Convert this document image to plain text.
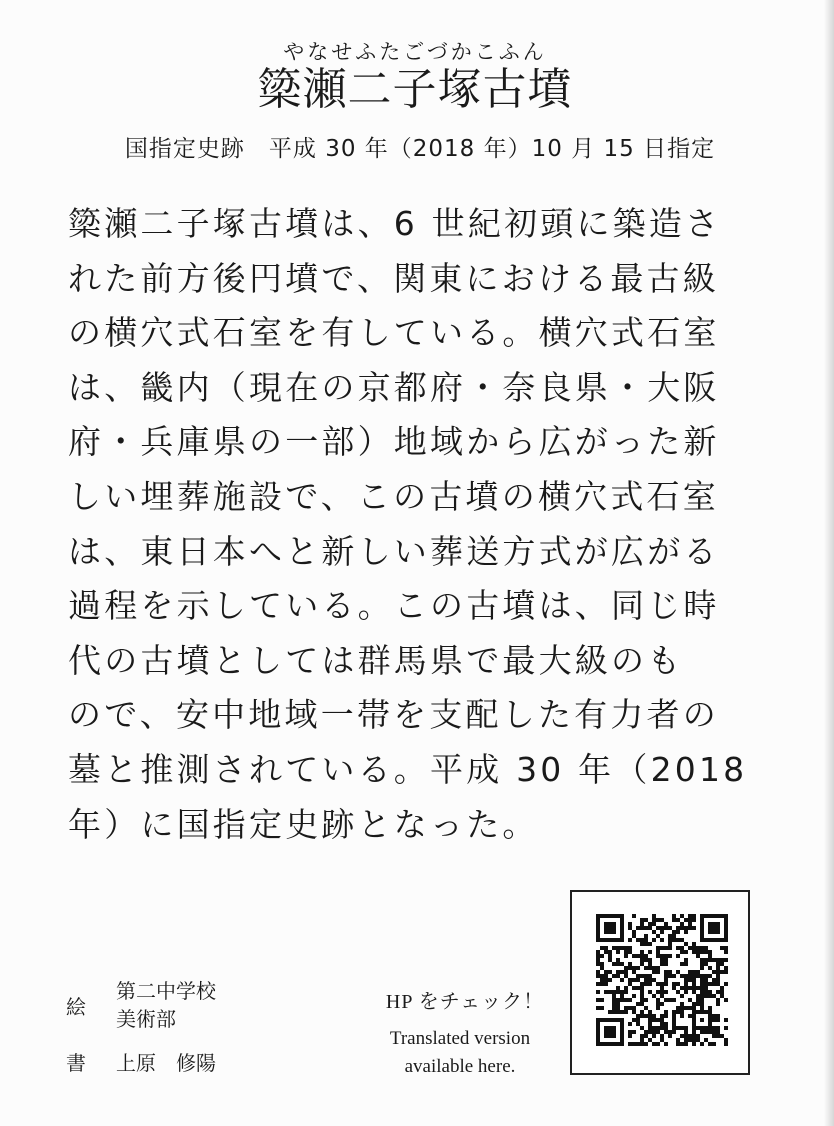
やなせふたごづかこふん
簗瀬二子塚古墳
国指定史跡　平成 30 年（2018 年）10 月 15 日指定
簗瀬二子塚古墳は、6 世紀初頭に築造さ
れた前方後円墳で、関東における最古級
の横穴式石室を有している。横穴式石室
は、畿内（現在の京都府・奈良県・大阪
府・兵庫県の一部）地域から広がった新
しい埋葬施設で、この古墳の横穴式石室
は、東日本へと新しい葬送方式が広がる
過程を示している。この古墳は、同じ時
代の古墳としては群馬県で最大級のも
ので、安中地域一帯を支配した有力者の
墓と推測されている。平成 30 年（2018
年）に国指定史跡となった。
絵
第二中学校
美術部
書 上原　修陽
HP をチェック！
Translated version
available here.
